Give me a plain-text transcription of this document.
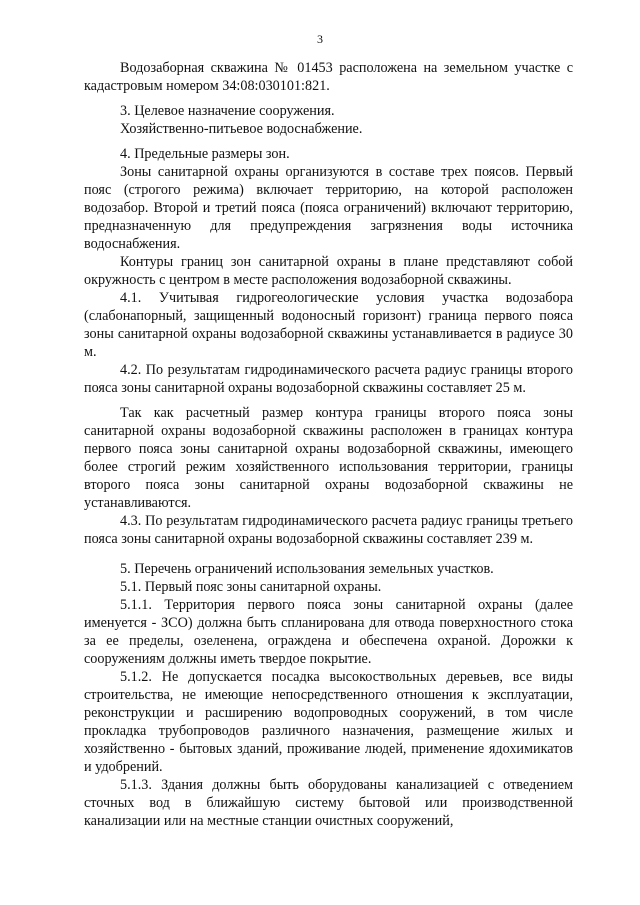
3

Водозаборная скважина № 01453 расположена на земельном участке с кадастровым номером 34:08:030101:821.

3. Целевое назначение сооружения.

Хозяйственно-питьевое водоснабжение.

4. Предельные размеры зон.

Зоны санитарной охраны организуются в составе трех поясов. Первый пояс (строгого режима) включает территорию, на которой расположен водозабор. Второй и третий пояса (пояса ограничений) включают территорию, предназначенную для предупреждения загрязнения воды источника водоснабжения.

Контуры границ зон санитарной охраны в плане представляют собой окружность с центром в месте расположения водозаборной скважины.

4.1. Учитывая гидрогеологические условия участка водозабора (слабонапорный, защищенный водоносный горизонт) граница первого пояса зоны санитарной охраны водозаборной скважины устанавливается в радиусе 30 м.

4.2. По результатам гидродинамического расчета радиус границы второго пояса зоны санитарной охраны водозаборной скважины составляет 25 м.

Так как расчетный размер контура границы второго пояса зоны санитарной охраны водозаборной скважины расположен в границах контура первого пояса зоны санитарной охраны водозаборной скважины, имеющего более строгий режим хозяйственного использования территории, границы второго пояса зоны санитарной охраны водозаборной скважины не устанавливаются.

4.3. По результатам гидродинамического расчета радиус границы третьего пояса зоны санитарной охраны водозаборной скважины составляет 239 м.

5. Перечень ограничений использования земельных участков.

5.1. Первый пояс зоны санитарной охраны.

5.1.1. Территория первого пояса зоны санитарной охраны (далее именуется - ЗСО) должна быть спланирована для отвода поверхностного стока за ее пределы, озеленена, ограждена и обеспечена охраной. Дорожки к сооружениям должны иметь твердое покрытие.

5.1.2. Не допускается посадка высокоствольных деревьев, все виды строительства, не имеющие непосредственного отношения к эксплуатации, реконструкции и расширению водопроводных сооружений, в том числе прокладка трубопроводов различного назначения, размещение жилых и хозяйственно - бытовых зданий, проживание людей, применение ядохимикатов и удобрений.

5.1.3. Здания должны быть оборудованы канализацией с отведением сточных вод в ближайшую систему бытовой или производственной канализации или на местные станции очистных сооружений,
